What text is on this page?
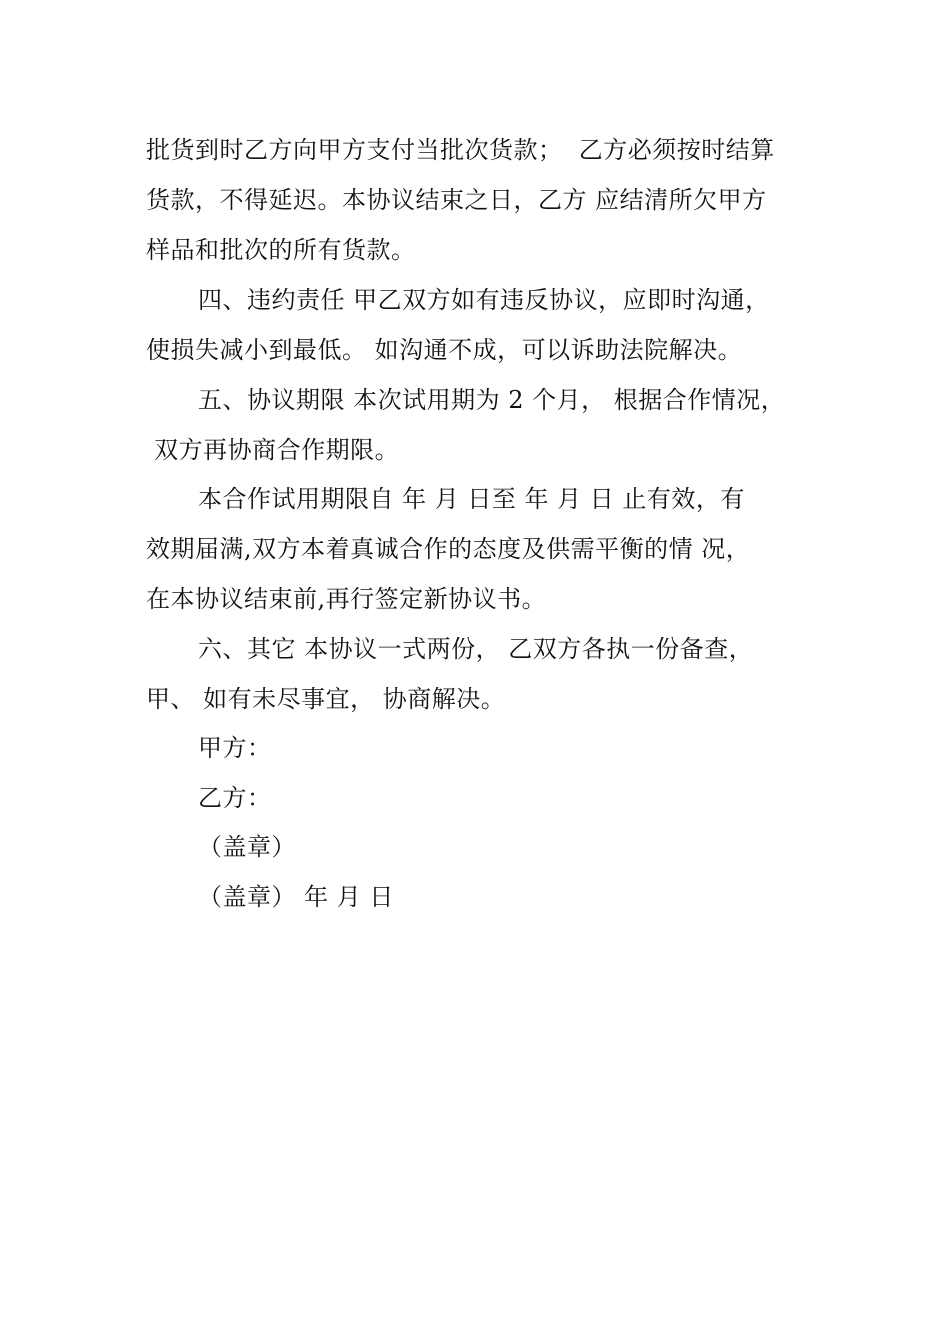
批货到时乙方向甲方支付当批次货款；  乙方必须按时结算
货款，不得延迟。本协议结束之日，乙方 应结清所欠甲方
样品和批次的所有货款。
四、违约责任 甲乙双方如有违反协议，应即时沟通，
使损失减小到最低。 如沟通不成，可以诉助法院解决。
五、协议期限 本次试用期为 2 个月， 根据合作情况，
双方再协商合作期限。
本合作试用期限自 年 月 日至 年 月 日 止有效，有
效期届满,双方本着真诚合作的态度及供需平衡的情 况，
在本协议结束前,再行签定新协议书。
六、其它 本协议一式两份， 乙双方各执一份备查，
甲、 如有未尽事宜， 协商解决。
甲方：
乙方：
（盖章）
（盖章） 年 月 日
